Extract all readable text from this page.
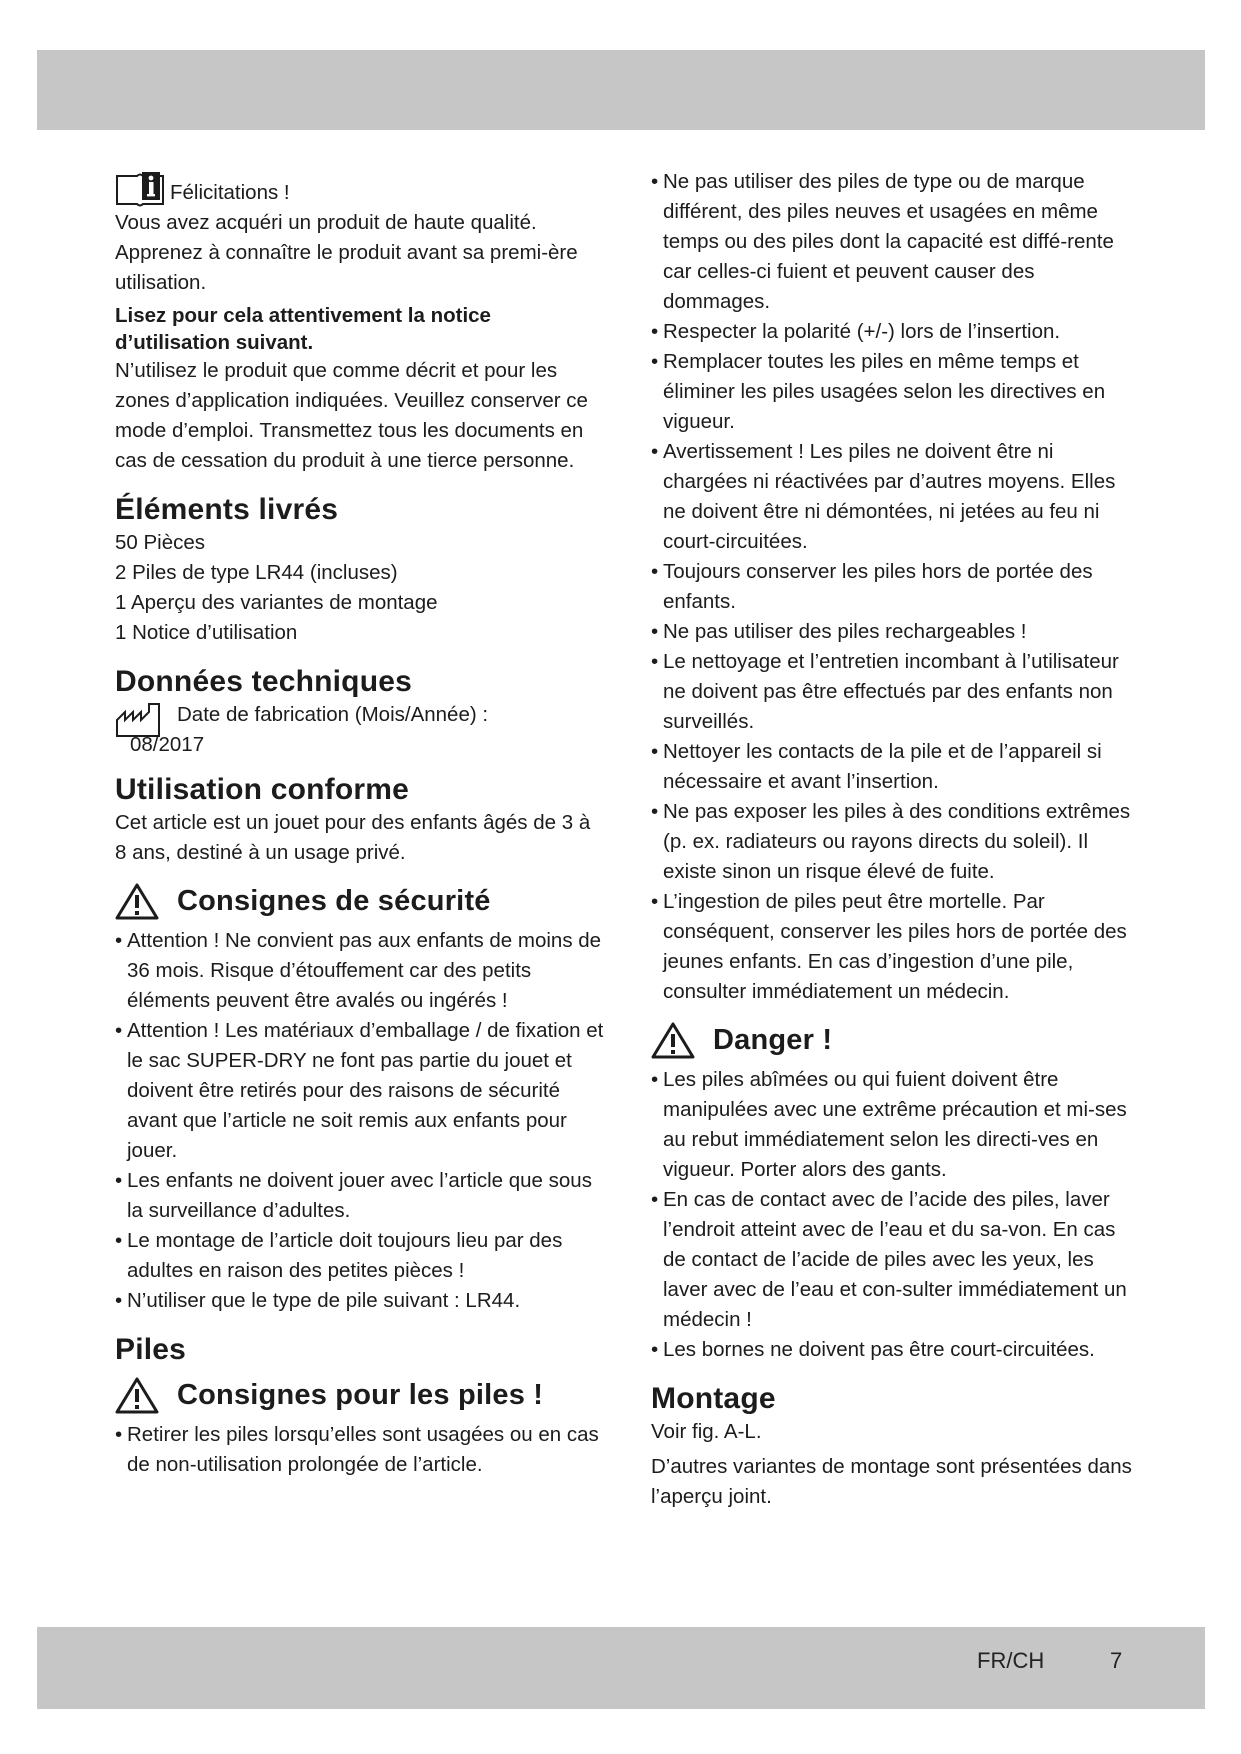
Félicitations !

Vous avez acquéri un produit de haute qualité. Apprenez à connaître le produit avant sa premi-ère utilisation.

Lisez pour cela attentivement la notice d’utilisation suivant.

N’utilisez le produit que comme décrit et pour les zones d’application indiquées. Veuillez conserver ce mode d’emploi. Transmettez tous les documents en cas de cessation du produit à une tierce personne.

Éléments livrés

50 Pièces

2 Piles de type LR44 (incluses)

1 Aperçu des variantes de montage

1 Notice d’utilisation

Données techniques
Date de fabrication (Mois/Année) :
08/2017
Utilisation conforme

Cet article est un jouet pour des enfants âgés de 3 à 8 ans, destiné à un usage privé.

Consignes de sécurité
• Attention ! Ne convient pas aux enfants de moins de 36 mois. Risque d’étouffement car des petits éléments peuvent être avalés ou ingérés !
• Attention ! Les matériaux d’emballage / de fixation et le sac SUPER-DRY ne font pas partie du jouet et doivent être retirés pour des raisons de sécurité avant que l’article ne soit remis aux enfants pour jouer.
• Les enfants ne doivent jouer avec l’article que sous la surveillance d’adultes.
• Le montage de l’article doit toujours lieu par des adultes en raison des petites pièces !
• N’utiliser que le type de pile suivant : LR44.
Piles
Consignes pour les piles !
• Retirer les piles lorsqu’elles sont usagées ou en cas de non-utilisation prolongée de l’article.
• Ne pas utiliser des piles de type ou de marque différent, des piles neuves et usagées en même temps ou des piles dont la capacité est diffé-rente car celles-ci fuient et peuvent causer des dommages.
• Respecter la polarité (+/-) lors de l’insertion.
• Remplacer toutes les piles en même temps et éliminer les piles usagées selon les directives en vigueur.
• Avertissement ! Les piles ne doivent être ni chargées ni réactivées par d’autres moyens. Elles ne doivent être ni démontées, ni jetées au feu ni court-circuitées.
• Toujours conserver les piles hors de portée des enfants.
• Ne pas utiliser des piles rechargeables !
• Le nettoyage et l’entretien incombant à l’utilisateur ne doivent pas être effectués par des enfants non surveillés.
• Nettoyer les contacts de la pile et de l’appareil si nécessaire et avant l’insertion.
• Ne pas exposer les piles à des conditions extrêmes (p. ex. radiateurs ou rayons directs du soleil). Il existe sinon un risque élevé de fuite.
• L’ingestion de piles peut être mortelle. Par conséquent, conserver les piles hors de portée des jeunes enfants. En cas d’ingestion d’une pile, consulter immédiatement un médecin.
Danger !
• Les piles abîmées ou qui fuient doivent être manipulées avec une extrême précaution et mi-ses au rebut immédiatement selon les directi-ves en vigueur. Porter alors des gants.
• En cas de contact avec de l’acide des piles, laver l’endroit atteint avec de l’eau et du sa-von. En cas de contact de l’acide de piles avec les yeux, les laver avec de l’eau et con-sulter immédiatement un médecin !
• Les bornes ne doivent pas être court-circuitées.
Montage

Voir fig. A-L.

D’autres variantes de montage sont présentées dans l’aperçu joint.

FR/CH	7
